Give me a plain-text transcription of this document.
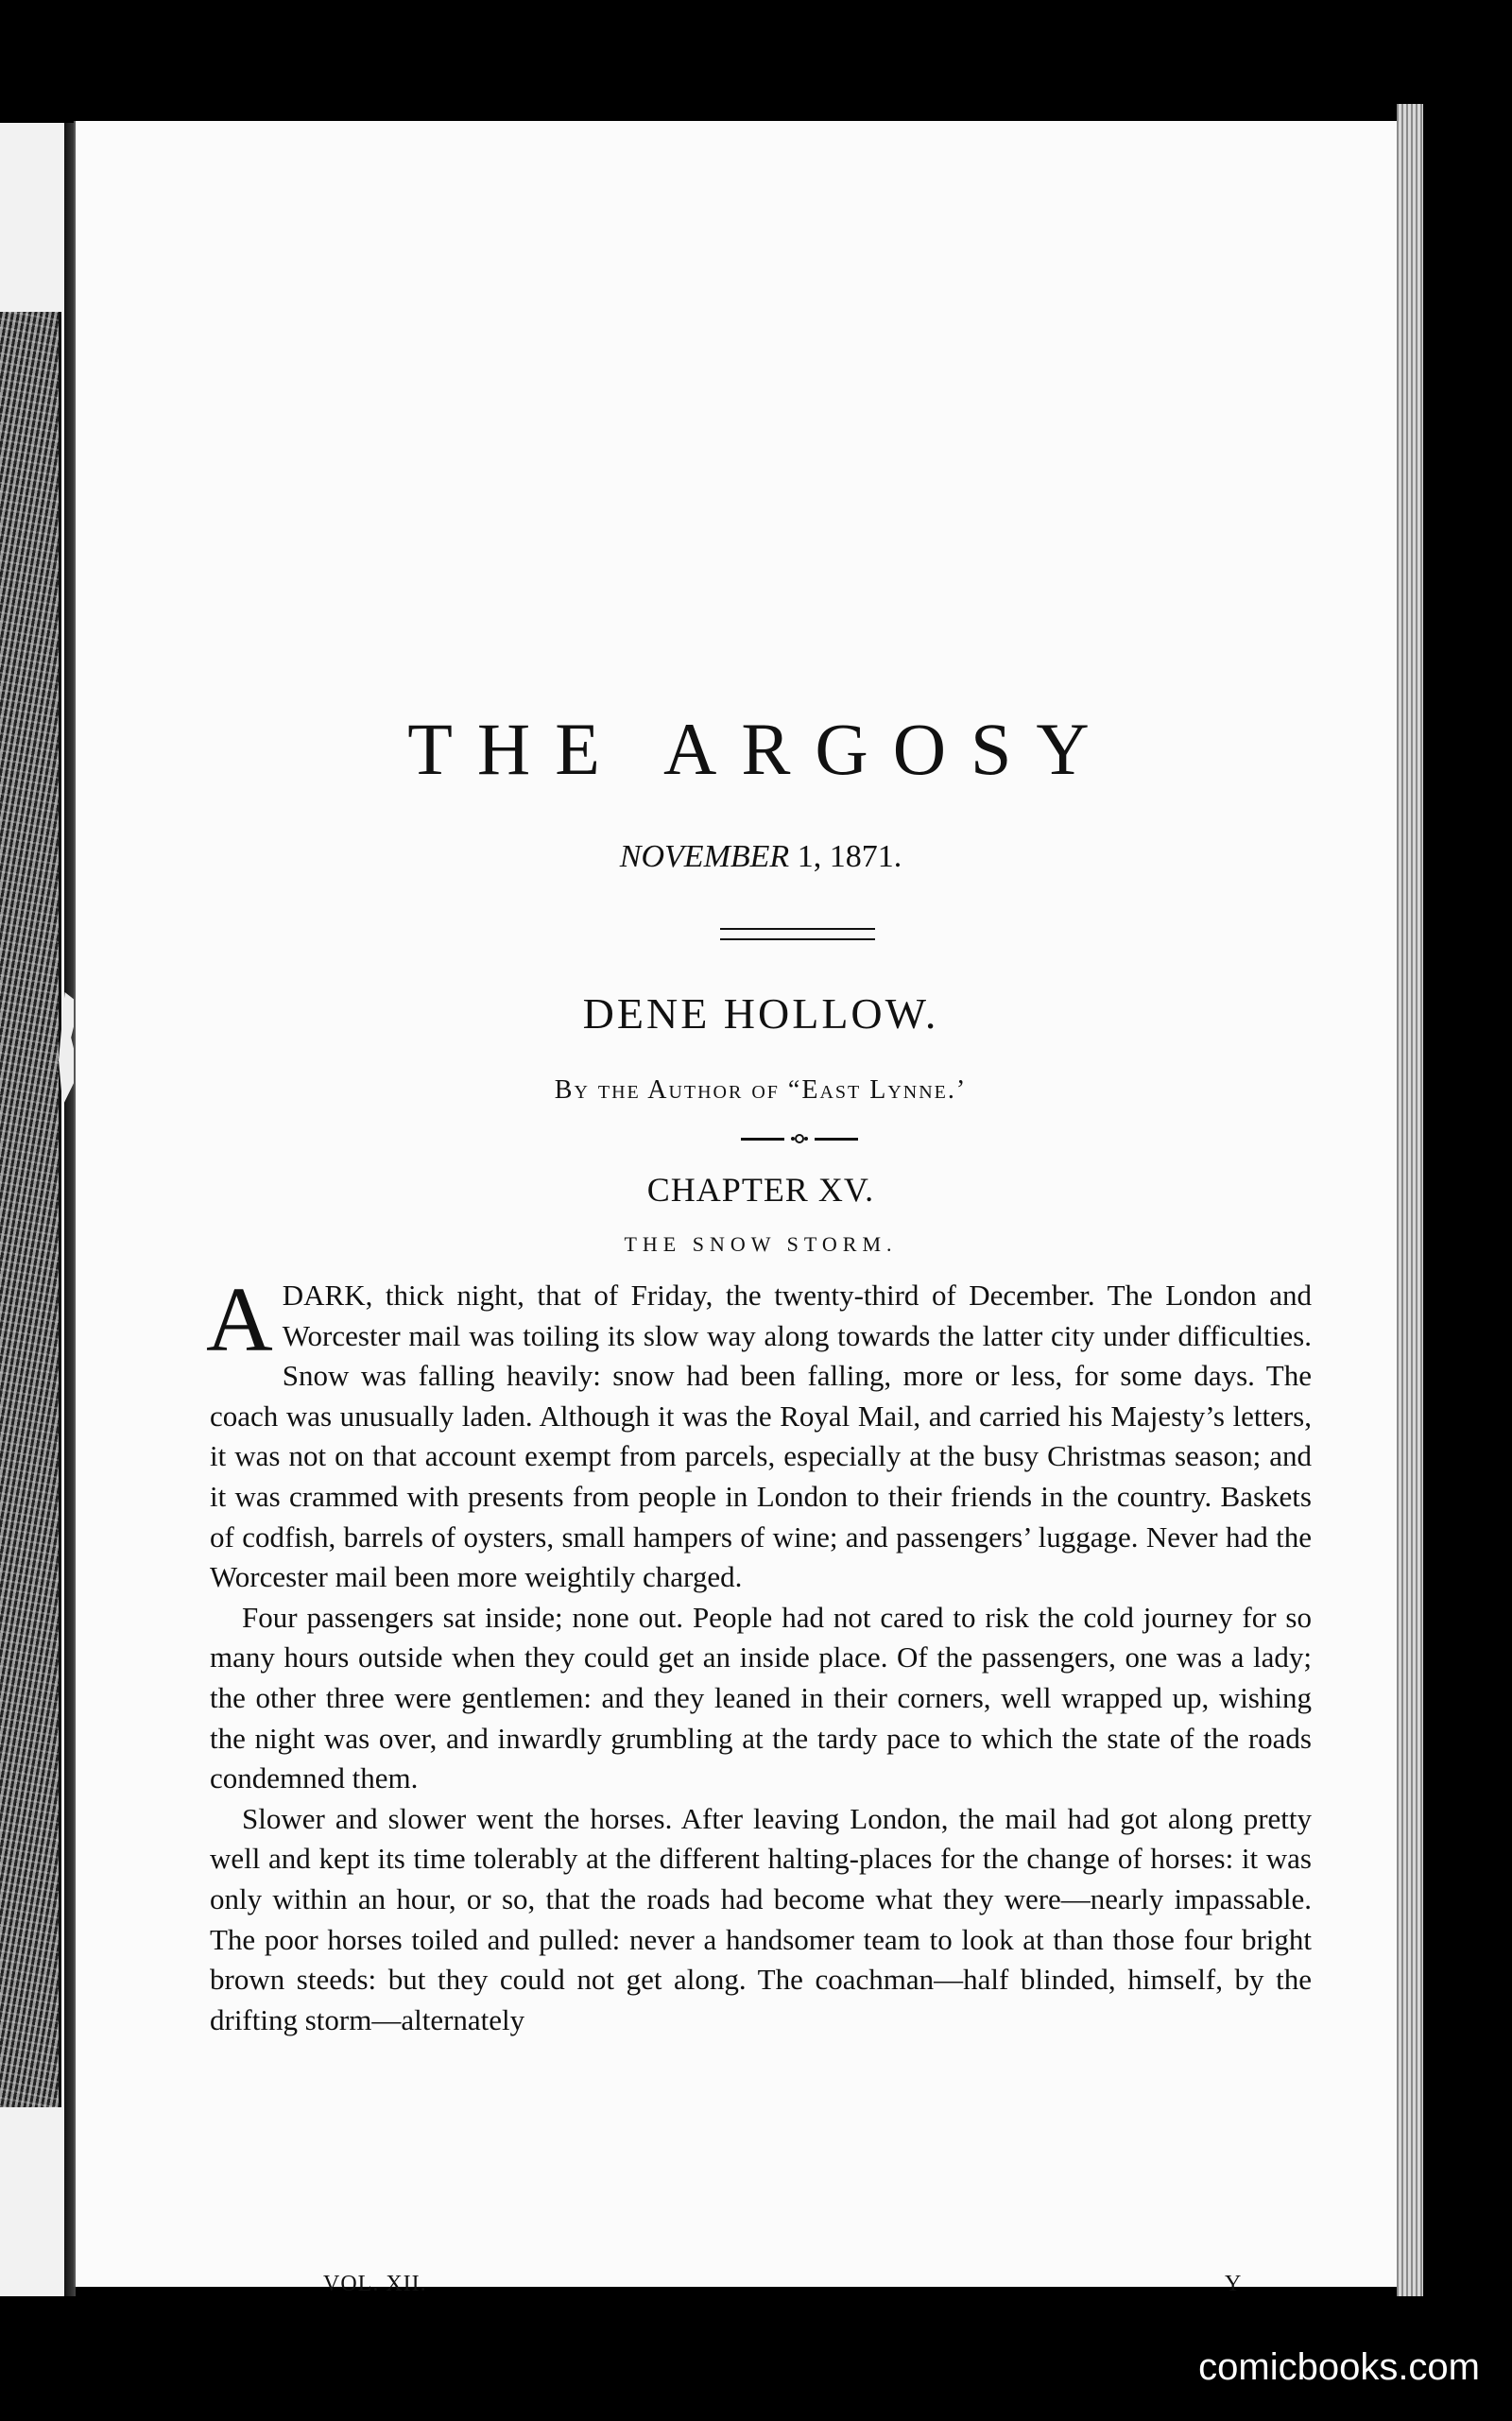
THE ARGOSY
NOVEMBER 1, 1871.
DENE HOLLOW.
By the Author of “East Lynne.’
CHAPTER XV.
THE SNOW STORM.

ADARK, thick night, that of Friday, the twenty-third of December. The London and Worcester mail was toiling its slow way along towards the latter city under difficulties. Snow was falling heavily: snow had been falling, more or less, for some days. The coach was unusually laden. Although it was the Royal Mail, and carried his Majesty’s letters, it was not on that account exempt from parcels, especially at the busy Christmas season; and it was crammed with presents from people in London to their friends in the country. Baskets of codfish, barrels of oysters, small hampers of wine; and passengers’ luggage. Never had the Worcester mail been more weightily charged.

Four passengers sat inside; none out. People had not cared to risk the cold journey for so many hours outside when they could get an inside place. Of the passengers, one was a lady; the other three were gentlemen: and they leaned in their corners, well wrapped up, wishing the night was over, and inwardly grumbling at the tardy pace to which the state of the roads condemned them.

Slower and slower went the horses. After leaving London, the mail had got along pretty well and kept its time tolerably at the different halting-places for the change of horses: it was only within an hour, or so, that the roads had become what they were—nearly impassable. The poor horses toiled and pulled: never a handsomer team to look at than those four bright brown steeds: but they could not get along. The coachman—half blinded, himself, by the drifting storm—alternately

VOL. XII.	Y
comicbooks.com
